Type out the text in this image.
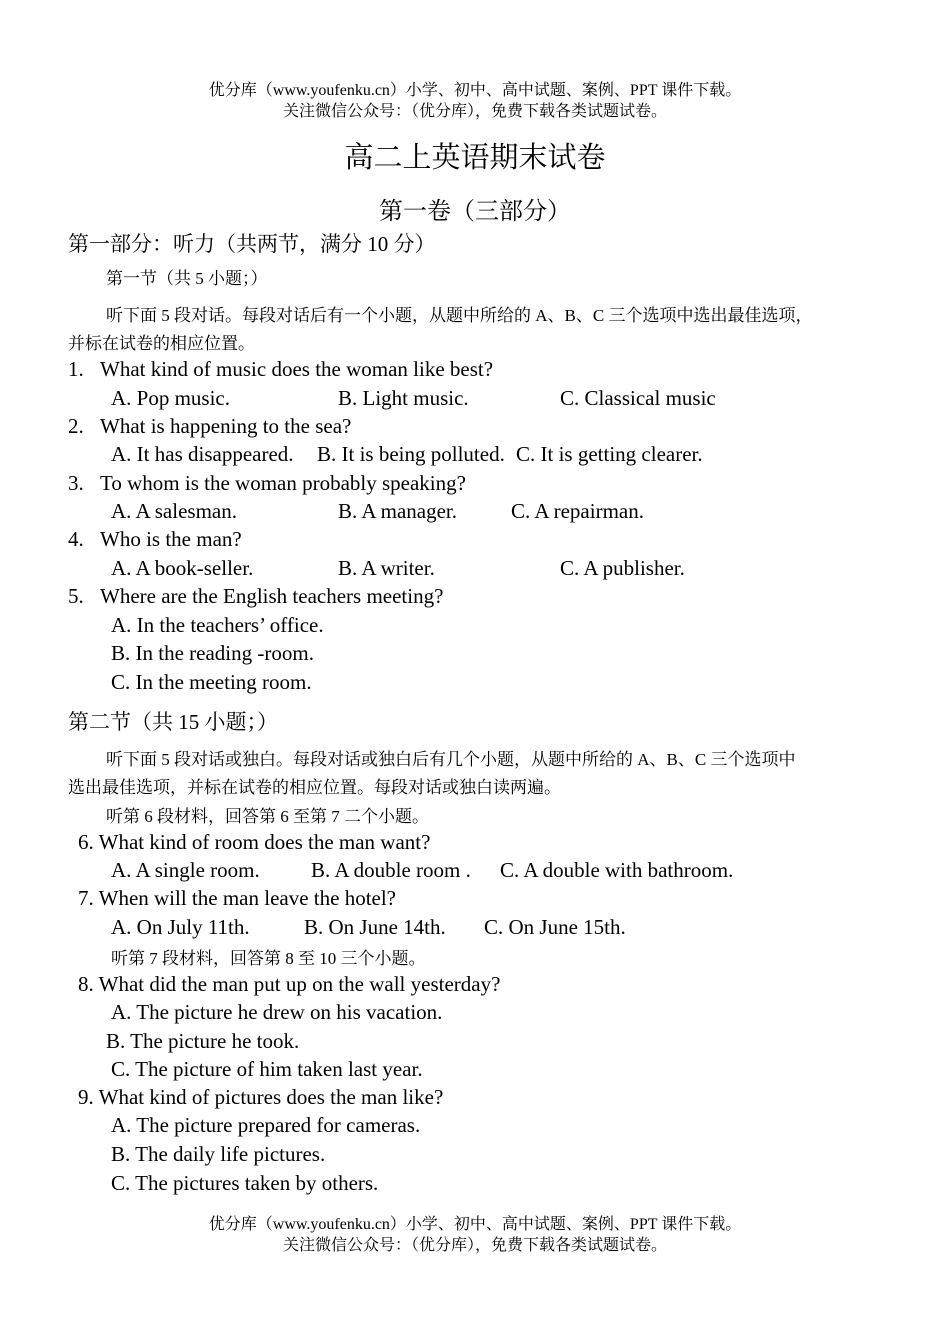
优分库（www.youfenku.cn）小学、初中、高中试题、案例、PPT 课件下载。
关注微信公众号：（优分库），免费下载各类试题试卷。
高二上英语期末试卷
第一卷（三部分）
第一部分：听力（共两节，满分 10 分）
第一节（共 5 小题；）
听下面 5 段对话。每段对话后有一个小题，从题中所给的 A、B、C 三个选项中选出最佳选项，
并标在试卷的相应位置。
1. What kind of music does the woman like best?
A. Pop music.	B. Light music.	C. Classical music
2. What is happening to the sea?
A. It has disappeared. B. It is being polluted. C. It is getting clearer.
3. To whom is the woman probably speaking?
A. A salesman.	B. A manager.	C. A repairman.
4. Who is the man?
A. A book-seller.	B. A writer.	C. A publisher.
5. Where are the English teachers meeting?
A. In the teachers’ office.
B. In the reading -room.
C. In the meeting room.
第二节（共 15 小题；）
听下面 5 段对话或独白。每段对话或独白后有几个小题，从题中所给的 A、B、C 三个选项中
选出最佳选项，并标在试卷的相应位置。每段对话或独白读两遍。
听第 6 段材料，回答第 6 至第 7 二个小题。
6. What kind of room does the man want?
A. A single room. B. A double room . C. A double with bathroom.
7. When will the man leave the hotel?
A. On July 11th.	B. On June 14th. C. On June 15th.
听第 7 段材料，回答第 8 至 10 三个小题。
8. What did the man put up on the wall yesterday?
A. The picture he drew on his vacation.
B. The picture he took.
C. The picture of him taken last year.
9. What kind of pictures does the man like?
A. The picture prepared for cameras.
B. The daily life pictures.
C. The pictures taken by others.
优分库（www.youfenku.cn）小学、初中、高中试题、案例、PPT 课件下载。
关注微信公众号：（优分库），免费下载各类试题试卷。
